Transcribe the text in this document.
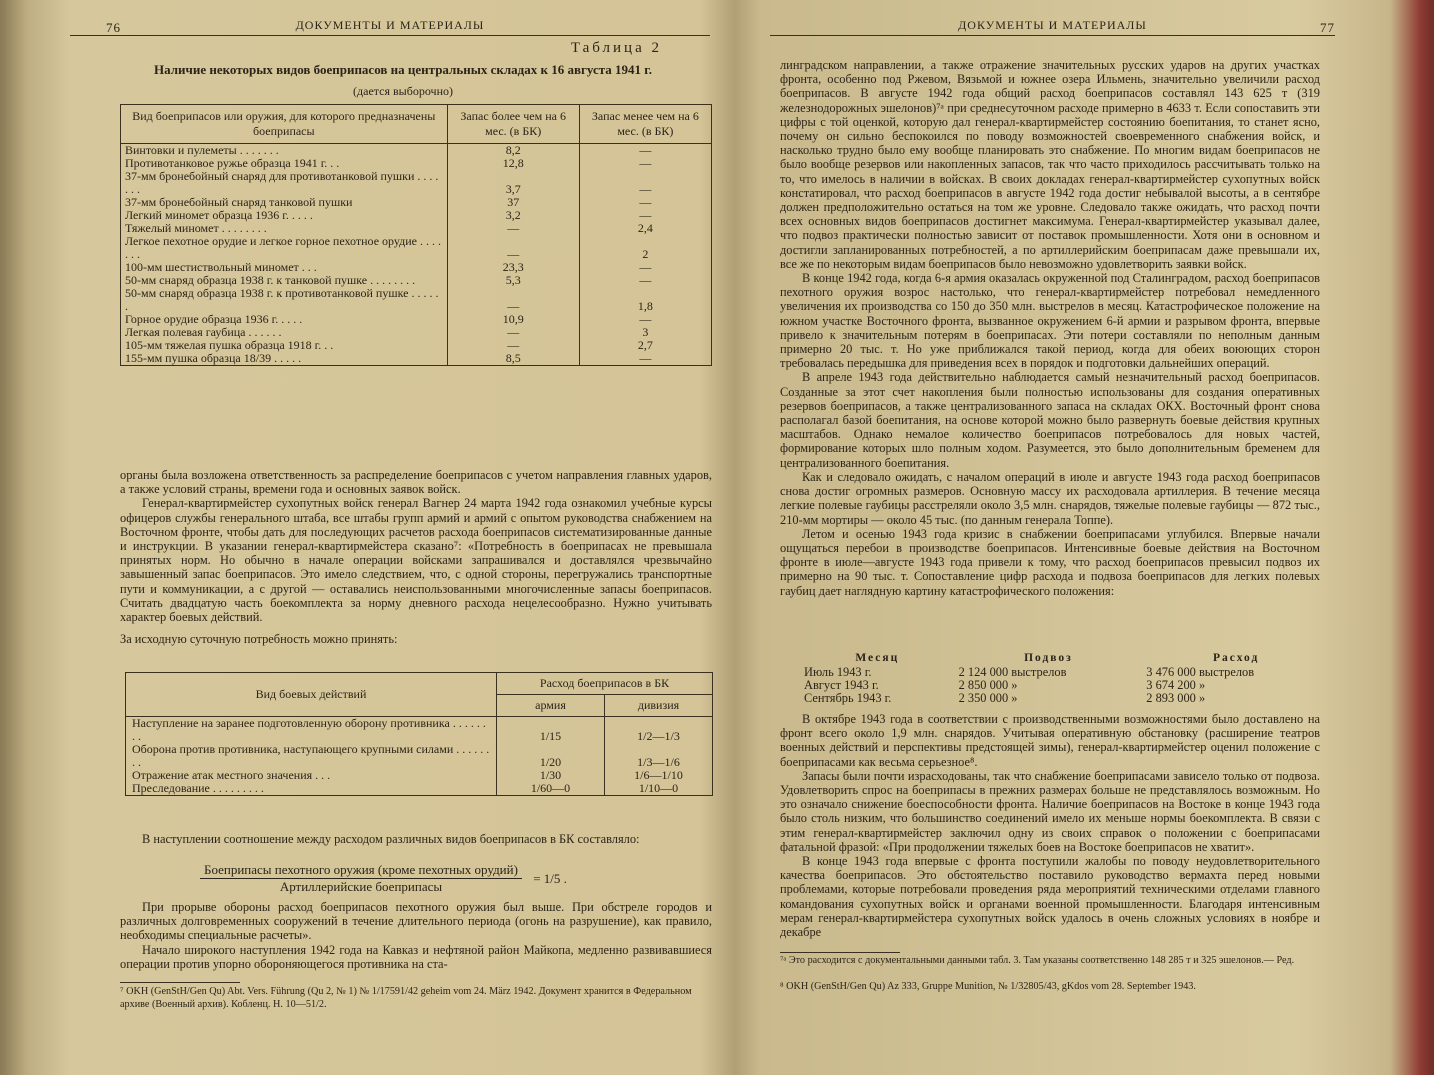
76	ДОКУМЕНТЫ И МАТЕРИАЛЫ
Таблица 2
Наличие некоторых видов боеприпасов на центральных складах к 16 августа 1941 г.
(дается выборочно)
Вид боеприпасов или оружия, для которого предназначены боеприпасы	Запас более чем на 6 мес. (в БК)	Запас менее чем на 6 мес. (в БК)
Винтовки и пулеметы . . . . . . .	8,2	—
Противотанковое ружье образца 1941 г. . .	12,8	—
37-мм бронебойный снаряд для противотанковой пушки . . . . . . .	3,7	—
37-мм бронебойный снаряд танковой пушки	37	—
Легкий миномет образца 1936 г. . . . .	3,2	—
Тяжелый миномет . . . . . . . .	—	2,4
Легкое пехотное орудие и легкое горное пехотное орудие . . . . . . .	—	2
100-мм шестиствольный миномет . . .	23,3	—
50-мм снаряд образца 1938 г. к танковой пушке . . . . . . . .	5,3	—
50-мм снаряд образца 1938 г. к противотанковой пушке . . . . . .	—	1,8
Горное орудие образца 1936 г. . . . .	10,9	—
Легкая полевая гаубица . . . . . .	—	3
105-мм тяжелая пушка образца 1918 г. . .	—	2,7
155-мм пушка образца 18/39 . . . . .	8,5	—

органы была возложена ответственность за распределение боеприпасов с учетом направления главных ударов, а также условий страны, времени года и основных заявок войск.

Генерал-квартирмейстер сухопутных войск генерал Вагнер 24 марта 1942 года ознакомил учебные курсы офицеров службы генерального штаба, все штабы групп армий и армий с опытом руководства снабжением на Восточном фронте, чтобы дать для последующих расчетов расхода боеприпасов систематизированные данные и инструкции. В указании генерал-квартирмейстера сказано⁷: «Потребность в боеприпасах не превышала принятых норм. Но обычно в начале операции войсками запрашивался и доставлялся чрезвычайно завышенный запас боеприпасов. Это имело следствием, что, с одной стороны, перегружались транспортные пути и коммуникации, а с другой — оставались неиспользованными многочисленные запасы боеприпасов. Считать двадцатую часть боекомплекта за норму дневного расхода нецелесообразно. Нужно учитывать характер боевых действий.

За исходную суточную потребность можно принять:

Вид боевых действий	Расход боеприпасов в БК	
	армия	дивизия
Наступление на заранее подготовленную оборону противника . . . . . . . .	1/15	1/2—1/3
Оборона против противника, наступающего крупными силами . . . . . . . .	1/20	1/3—1/6
Отражение атак местного значения . . .	1/30	1/6—1/10
Преследование . . . . . . . . .	1/60—0	1/10—0

В наступлении соотношение между расходом различных видов боеприпасов в БК составляло:

$\frac{\text{Боеприпасы пехотного оружия (кроме пехотных орудий)}}{\text{Артиллерийские боеприпасы}} = 1/5$ .

При прорыве обороны расход боеприпасов пехотного оружия был выше. При обстреле городов и различных долговременных сооружений в течение длительного периода (огонь на разрушение), как правило, необходимы специальные расчеты».

Начало широкого наступления 1942 года на Кавказ и нефтяной район Майкопа, медленно развивавшиеся операции против упорно обороняющегося противника на ста-

⁷ OKH (GenStH/Gen Qu) Abt. Vers. Führung (Qu 2, № 1) № 1/17591/42 geheim vom 24. März 1942. Документ хранится в Федеральном архиве (Военный архив). Кобленц. Н. 10—51/2.
ДОКУМЕНТЫ И МАТЕРИАЛЫ	77

линградском направлении, а также отражение значительных русских ударов на других участках фронта, особенно под Ржевом, Вязьмой и южнее озера Ильмень, значительно увеличили расход боеприпасов. В августе 1942 года общий расход боеприпасов составлял 143 625 т (319 железнодорожных эшелонов)⁷ᵃ при среднесуточном расходе примерно в 4633 т. Если сопоставить эти цифры с той оценкой, которую дал генерал-квартирмейстер состоянию боепитания, то станет ясно, почему он сильно беспокоился по поводу возможностей своевременного снабжения войск, и насколько трудно было ему вообще планировать это снабжение. По многим видам боеприпасов не было вообще резервов или накопленных запасов, так что часто приходилось рассчитывать только на то, что имелось в наличии в войсках. В своих докладах генерал-квартирмейстер сухопутных войск констатировал, что расход боеприпасов в августе 1942 года достиг небывалой высоты, а в сентябре должен предположительно остаться на том же уровне. Следовало также ожидать, что расход почти всех основных видов боеприпасов достигнет максимума. Генерал-квартирмейстер указывал далее, что подвоз практически полностью зависит от поставок промышленности. Хотя они в основном и достигли запланированных потребностей, а по артиллерийским боеприпасам даже превышали их, все же по некоторым видам боеприпасов было невозможно удовлетворить заявки войск.

В конце 1942 года, когда 6-я армия оказалась окруженной под Сталинградом, расход боеприпасов пехотного оружия возрос настолько, что генерал-квартирмейстер потребовал немедленного увеличения их производства со 150 до 350 млн. выстрелов в месяц. Катастрофическое положение на южном участке Восточного фронта, вызванное окружением 6-й армии и разрывом фронта, впервые привело к значительным потерям в боеприпасах. Эти потери составляли по неполным данным примерно 20 тыс. т. Но уже приближался такой период, когда для обеих воюющих сторон требовалась передышка для приведения всех в порядок и подготовки дальнейших операций.

В апреле 1943 года действительно наблюдается самый незначительный расход боеприпасов. Созданные за этот счет накопления были полностью использованы для создания оперативных резервов боеприпасов, а также централизованного запаса на складах ОКХ. Восточный фронт снова располагал базой боепитания, на основе которой можно было развернуть боевые действия крупных масштабов. Однако немалое количество боеприпасов потребовалось для новых частей, формирование которых шло полным ходом. Разумеется, это было дополнительным бременем для централизованного боепитания.

Как и следовало ожидать, с началом операций в июле и августе 1943 года расход боеприпасов снова достиг огромных размеров. Основную массу их расходовала артиллерия. В течение месяца легкие полевые гаубицы расстреляли около 3,5 млн. снарядов, тяжелые полевые гаубицы — 872 тыс., 210-мм мортиры — около 45 тыс. (по данным генерала Топпе).

Летом и осенью 1943 года кризис в снабжении боеприпасами углубился. Впервые начали ощущаться перебои в производстве боеприпасов. Интенсивные боевые действия на Восточном фронте в июле—августе 1943 года привели к тому, что расход боеприпасов превысил подвоз их примерно на 90 тыс. т. Сопоставление цифр расхода и подвоза боеприпасов для легких полевых гаубиц дает наглядную картину катастрофического положения:

Месяц	Подвоз	Расход
Июль 1943 г.	2 124 000 выстрелов	3 476 000 выстрелов
Август 1943 г.	2 850 000 »	3 674 200 »
Сентябрь 1943 г.	2 350 000 »	2 893 000 »

В октябре 1943 года в соответствии с производственными возможностями было доставлено на фронт всего около 1,9 млн. снарядов. Учитывая оперативную обстановку (расширение театров военных действий и перспективы предстоящей зимы), генерал-квартирмейстер оценил положение с боеприпасами как весьма серьезное⁸.

Запасы были почти израсходованы, так что снабжение боеприпасами зависело только от подвоза. Удовлетворить спрос на боеприпасы в прежних размерах больше не представлялось возможным. Но это означало снижение боеспособности фронта. Наличие боеприпасов на Востоке в конце 1943 года было столь низким, что большинство соединений имело их меньше нормы боекомплекта. В связи с этим генерал-квартирмейстер заключил одну из своих справок о положении с боеприпасами фатальной фразой: «При продолжении тяжелых боев на Востоке боеприпасов не хватит».

В конце 1943 года впервые с фронта поступили жалобы по поводу неудовлетворительного качества боеприпасов. Это обстоятельство поставило руководство вермахта перед новыми проблемами, которые потребовали проведения ряда мероприятий техническими отделами главного командования сухопутных войск и органами военной промышленности. Благодаря интенсивным мерам генерал-квартирмейстера сухопутных войск удалось в очень сложных условиях в ноябре и декабре

⁷ᵃ Это расходится с документальными данными табл. 3. Там указаны соответственно 148 285 т и 325 эшелонов.— Ред.
⁸ OKH (GenStH/Gen Qu) Az 333, Gruppe Munition, № 1/32805/43, gKdos vom 28. September 1943.
